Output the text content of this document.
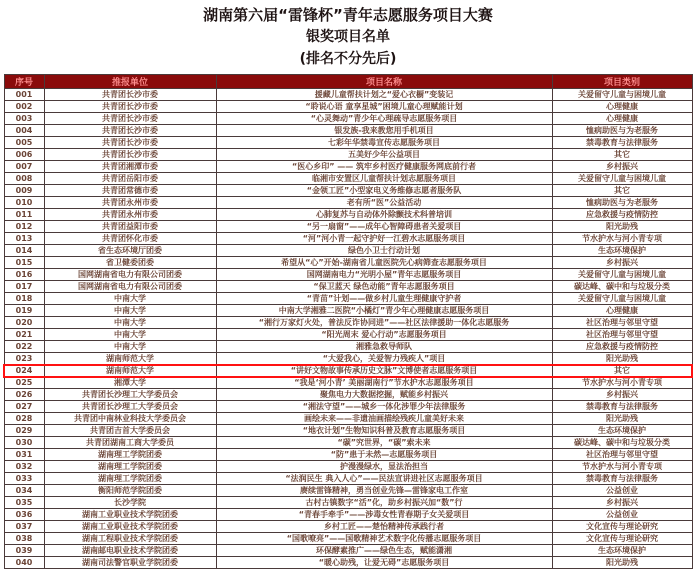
湖南第六届“雷锋杯”青年志愿服务项目大赛
银奖项目名单
(排名不分先后)
序号	推报单位	项目名称	项目类别
001	共青团长沙市委	援藏儿童帮扶计划之“爱心衣橱”变装记	关爱留守儿童与困境儿童
002	共青团长沙市委	“聆说心语 童享星城”困境儿童心理赋能计划	心理健康
003	共青团长沙市委	“心灵舞动”青少年心理疏导志愿服务项目	心理健康
004	共青团长沙市委	银发族-我来教您用手机项目	恤病助医与为老服务
005	共青团长沙市委	七彩年华禁毒宣传志愿服务项目	禁毒教育与法律服务
006	共青团长沙市委	五美好少年公益项目	其它
007	共青团湘潭市委	“医心乡印” —— 筑牢乡村医疗健康服务网底前行者	乡村振兴
008	共青团岳阳市委	临湘市安置区儿童帮扶计划志愿服务项目	关爱留守儿童与困境儿童
009	共青团常德市委	“金领工匠”小型家电义务维修志愿者服务队	其它
010	共青团永州市委	老有所“医”公益活动	恤病助医与为老服务
011	共青团永州市委	心肺复苏与自动体外除颤技术科普培训	应急救援与疫情防控
012	共青团益阳市委	“另一扇窗”——成年心智障碍患者关爱项目	阳光助残
013	共青团怀化市委	“河”河小青一起守护好一江碧水志愿服务项目	节水护水与河小青专项
014	省生态环境厅团委	绿色小卫士行动计划	生态环境保护
015	省卫健委团委	希望从“心”开始-湖南省儿童医院先心病筛查志愿服务项目	乡村振兴
016	国网湖南省电力有限公司团委	国网湖南电力“光明小屋”青年志愿服务项目	关爱留守儿童与困境儿童
017	国网湖南省电力有限公司团委	“保卫蓝天 绿色动能”青年志愿服务项目	碳达峰、碳中和与垃圾分类
018	中南大学	“青苗”计划——做乡村儿童生理健康守护者	关爱留守儿童与困境儿童
019	中南大学	中南大学湘雅二医院“小橘灯”青少年心理健康志愿服务项目	心理健康
020	中南大学	“湘行万家灯火处，普法反诈协同进”——社区法律援助一体化志愿服务	社区治理与邻里守望
021	中南大学	“阳光周末 爱心行动”志愿服务项目	社区治理与邻里守望
022	中南大学	湘雅急救导师队	应急救援与疫情防控
023	湖南师范大学	“大爱我心，关爱智力残疾人”项目	阳光助残
024	湖南师范大学	“讲好文物故事传承历史文脉”文博使者志愿服务项目	其它
025	湘潭大学	“我是‘河小青’ 美丽湖南行”节水护水志愿服务项目	节水护水与河小青专项
026	共青团长沙理工大学委员会	聚焦电力大数据挖掘，赋能乡村振兴	乡村振兴
027	共青团长沙理工大学委员会	“湘法守望”——城乡一体化涉罪少年法律服务	禁毒教育与法律服务
028	共青团中南林业科技大学委员会	画绘未来——非遗油画描绘残疾儿童美好未来	阳光助残
029	共青团吉首大学委员会	“地衣计划”生物知识科普及教育志愿服务项目	生态环境保护
030	共青团湖南工商大学委员	“碳”究世界，“碳”索未来	碳达峰、碳中和与垃圾分类
031	湖南理工学院团委	“防”患于未然—志愿服务项目	社区治理与邻里守望
032	湖南理工学院团委	护漫漫绿水，显法治担当	节水护水与河小青专项
033	湖南理工学院团委	“法润民生 典入人心”——民法宣讲进社区志愿服务项目	禁毒教育与法律服务
034	衡阳师范学院团委	赓续雷锋精神，勇当创业先锋—雷锋家电工作室	公益创业
035	长沙学院	古村古镇数字“活”化，助乡村振兴加“数”行	乡村振兴
036	湖南工业职业技术学院团委	“青春手牵手”——涉毒女性青春期子女关爱项目	公益创业
037	湖南工业职业技术学院团委	乡村工匠——楚怡精神传承践行者	文化宣传与理论研究
038	湖南工程职业技术学院团委	“国歌嘹亮”——国歌精神艺术数字化传播志愿服务项目	文化宣传与理论研究
039	湖南邮电职业技术学院团委	环保酵素推广——绿色生态，赋能潇湘	生态环境保护
040	湖南司法警官职业学院团委	“暖心助残，让爱无碍”志愿服务项目	阳光助残
